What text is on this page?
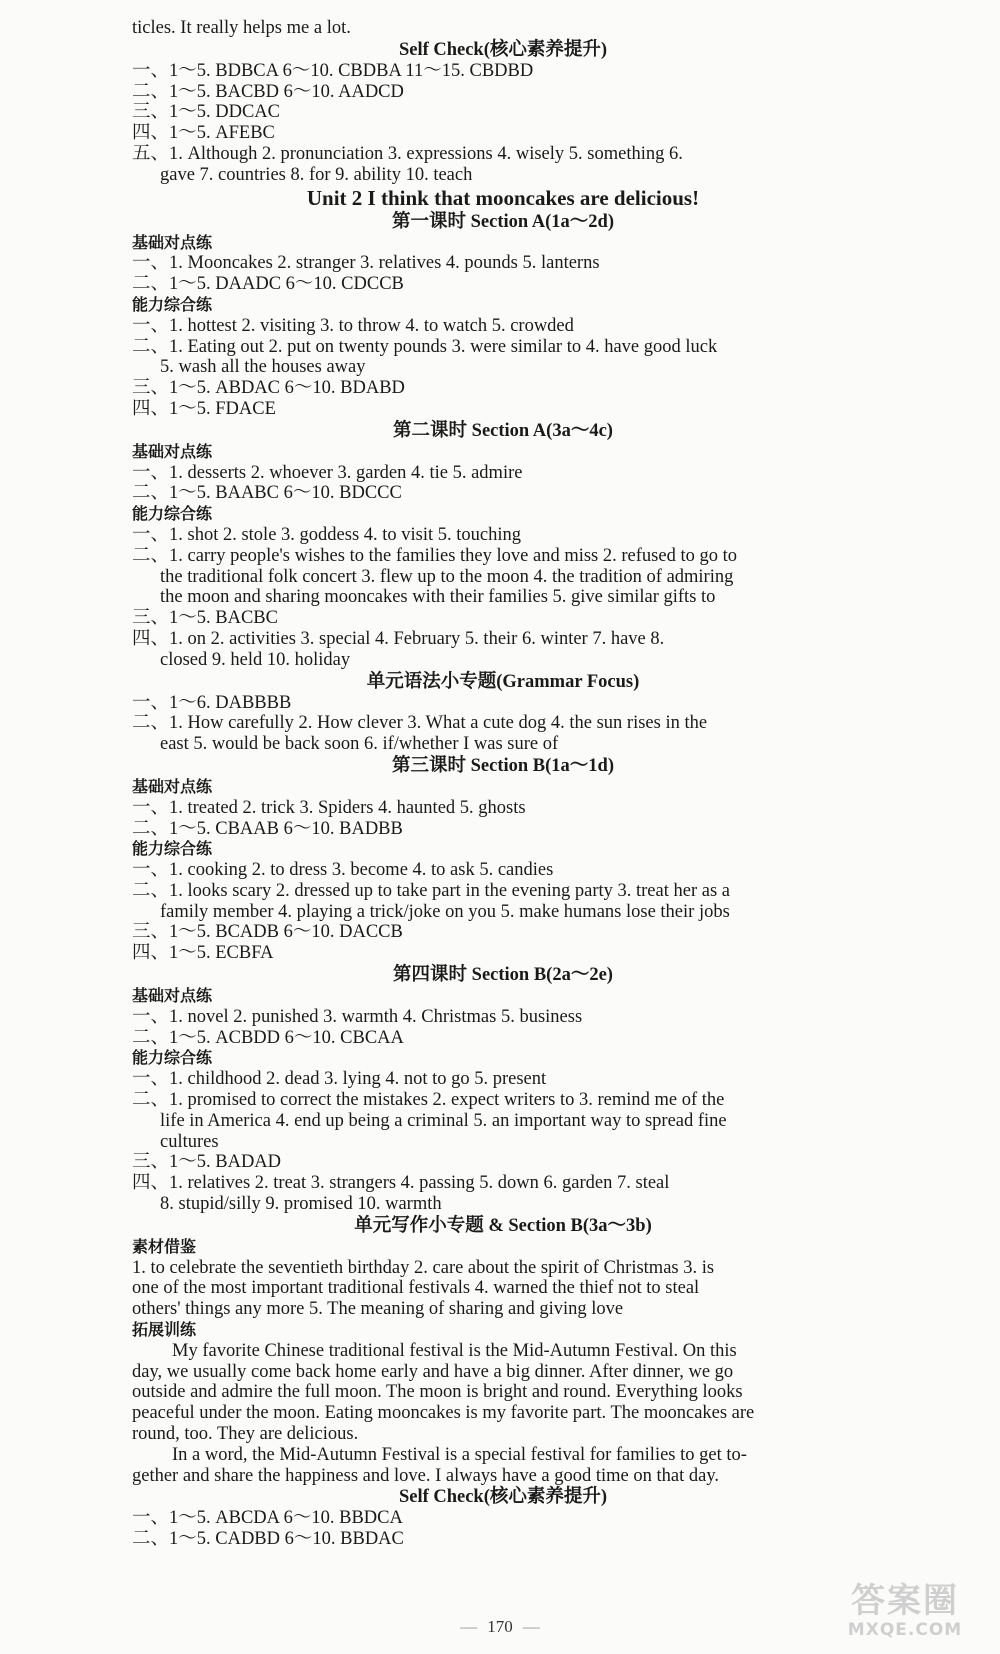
ticles. It really helps me a lot.
Self Check(核心素养提升)
一、1～5. BDBCA 6～10. CBDBA 11～15. CBDBD
二、1～5. BACBD 6～10. AADCD
三、1～5. DDCAC
四、1～5. AFEBC
五、1. Although 2. pronunciation 3. expressions 4. wisely 5. something 6.
gave 7. countries 8. for 9. ability 10. teach
Unit 2 I think that mooncakes are delicious!
第一课时 Section A(1a～2d)
基础对点练
一、1. Mooncakes 2. stranger 3. relatives 4. pounds 5. lanterns
二、1～5. DAADC 6～10. CDCCB
能力综合练
一、1. hottest 2. visiting 3. to throw 4. to watch 5. crowded
二、1. Eating out 2. put on twenty pounds 3. were similar to 4. have good luck
5. wash all the houses away
三、1～5. ABDAC 6～10. BDABD
四、1～5. FDACE
第二课时 Section A(3a～4c)
基础对点练
一、1. desserts 2. whoever 3. garden 4. tie 5. admire
二、1～5. BAABC 6～10. BDCCC
能力综合练
一、1. shot 2. stole 3. goddess 4. to visit 5. touching
二、1. carry people's wishes to the families they love and miss 2. refused to go to
the traditional folk concert 3. flew up to the moon 4. the tradition of admiring
the moon and sharing mooncakes with their families 5. give similar gifts to
三、1～5. BACBC
四、1. on 2. activities 3. special 4. February 5. their 6. winter 7. have 8.
closed 9. held 10. holiday
单元语法小专题(Grammar Focus)
一、1～6. DABBBB
二、1. How carefully 2. How clever 3. What a cute dog 4. the sun rises in the
east 5. would be back soon 6. if/whether I was sure of
第三课时 Section B(1a～1d)
基础对点练
一、1. treated 2. trick 3. Spiders 4. haunted 5. ghosts
二、1～5. CBAAB 6～10. BADBB
能力综合练
一、1. cooking 2. to dress 3. become 4. to ask 5. candies
二、1. looks scary 2. dressed up to take part in the evening party 3. treat her as a
family member 4. playing a trick/joke on you 5. make humans lose their jobs
三、1～5. BCADB 6～10. DACCB
四、1～5. ECBFA
第四课时 Section B(2a～2e)
基础对点练
一、1. novel 2. punished 3. warmth 4. Christmas 5. business
二、1～5. ACBDD 6～10. CBCAA
能力综合练
一、1. childhood 2. dead 3. lying 4. not to go 5. present
二、1. promised to correct the mistakes 2. expect writers to 3. remind me of the
life in America 4. end up being a criminal 5. an important way to spread fine
cultures
三、1～5. BADAD
四、1. relatives 2. treat 3. strangers 4. passing 5. down 6. garden 7. steal
8. stupid/silly 9. promised 10. warmth
单元写作小专题 & Section B(3a～3b)
素材借鉴
1. to celebrate the seventieth birthday 2. care about the spirit of Christmas 3. is
one of the most important traditional festivals 4. warned the thief not to steal
others' things any more 5. The meaning of sharing and giving love
拓展训练
My favorite Chinese traditional festival is the Mid-Autumn Festival. On this
day, we usually come back home early and have a big dinner. After dinner, we go
outside and admire the full moon. The moon is bright and round. Everything looks
peaceful under the moon. Eating mooncakes is my favorite part. The mooncakes are
round, too. They are delicious.
In a word, the Mid-Autumn Festival is a special festival for families to get to-
gether and share the happiness and love. I always have a good time on that day.
Self Check(核心素养提升)
一、1～5. ABCDA 6～10. BBDCA
二、1～5. CADBD 6～10. BBDAC
— 170 —
答案圈
MXQE.COM
